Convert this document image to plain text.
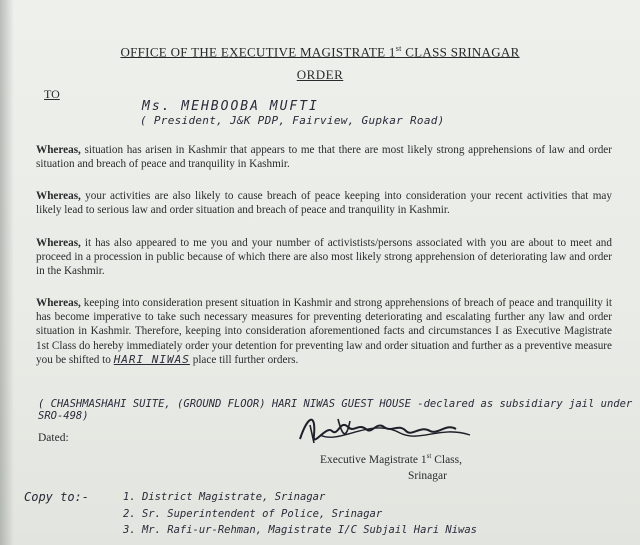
OFFICE OF THE EXECUTIVE MAGISTRATE 1st CLASS SRINAGAR
ORDER
TO
Ms. MEHBOOBA MUFTI
( President, J&K PDP, Fairview, Gupkar Road)
Whereas, situation has arisen in Kashmir that appears to me that there are most likely strong apprehensions of law and order situation and breach of peace and tranquility in Kashmir.
Whereas, your activities are also likely to cause breach of peace keeping into consideration your recent activities that may likely lead to serious law and order situation and breach of peace and tranquility in Kashmir.
Whereas, it has also appeared to me you and your number of activistists/persons associated with you are about to meet and proceed in a procession in public because of which there are also most likely strong apprehension of deteriorating law and order in the Kashmir.
Whereas, keeping into consideration present situation in Kashmir and strong apprehensions of breach of peace and tranquility it has become imperative to take such necessary measures for preventing deteriorating and escalating further any law and order situation in Kashmir. Therefore, keeping into consideration aforementioned facts and circumstances I as Executive Magistrate 1st Class do hereby immediately order your detention for preventing law and order situation and further as a preventive measure you be shifted to HARI NIWAS place till further orders.
( CHASHMASHAHI SUITE, (GROUND FLOOR) HARI NIWAS GUEST HOUSE -declared as subsidiary jail under SRO-498)
Dated:
Executive Magistrate 1st Class,
Srinagar
Copy to:-	1. District Magistrate, Srinagar
2. Sr. Superintendent of Police, Srinagar
3. Mr. Rafi-ur-Rehman, Magistrate I/C Subjail Hari Niwas
